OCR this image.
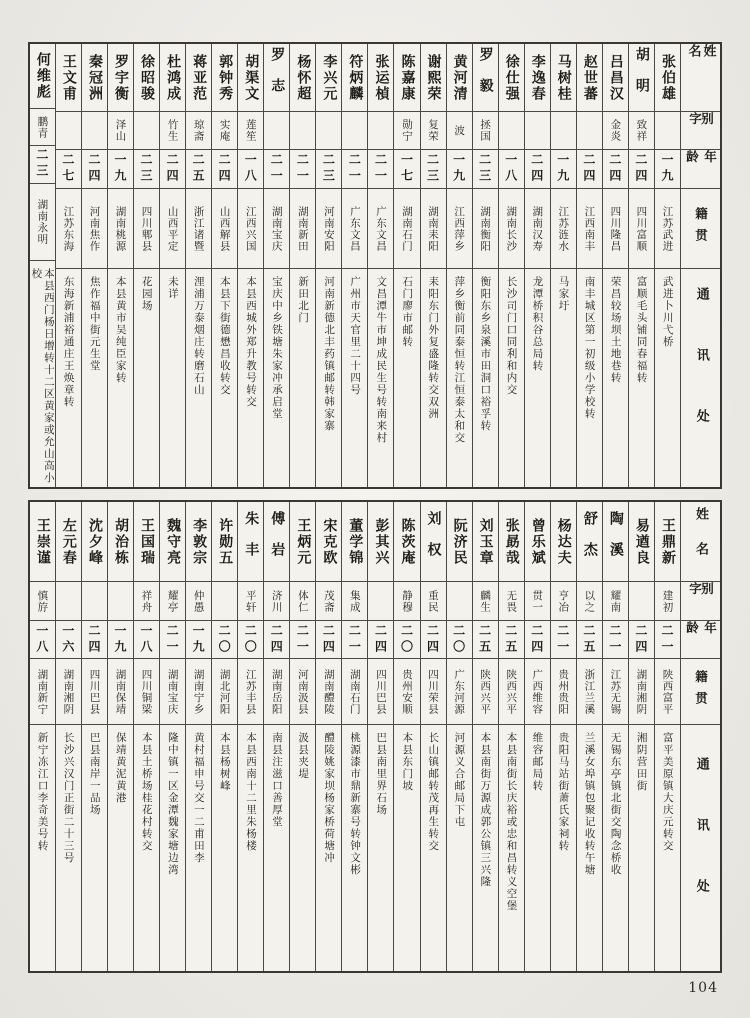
姓名
别字
年龄
籍贯
通讯处
张伯雄
一九
江苏武进
武进卜川弋桥
胡明
致祥
二四
四川富顺
富顺毛头铺同春福转
吕昌汉
金炎
二四
四川隆昌
荣昌较场坝土地巷转
赵世蕃
二四
江西南丰
南丰城区第一初级小学校转
马树桂
一九
江苏涟水
马家圩
李逸春
二四
湖南汉寿
龙潭桥积谷总局转
徐仕强
一八
湖南长沙
长沙司门口同利和内交
罗毅
拯国
二三
湖南衡阳
衡阳东乡泉溪市田洞口裕孚转
黄河清
波
一九
江西萍乡
萍乡衡前同泰恒转江恒泰太和交
谢熙荣
复荣
二三
湖南耒阳
耒阳东门外复盛隆转交双洲
陈嘉康
勋宁
一七
湖南石门
石门廖市邮转
张运楨
二一
广东文昌
文昌潭牛市坤成民生号转南来村
符炳麟
二一
广东文昌
广州市天官里二十四号
李兴元
二三
河南安阳
河南新德北丰药镇邮转韩家寨
杨怀超
二一
湖南新田
新田北门
罗志
二一
湖南宝庆
宝庆中乡铁塘朱家冲承启堂
胡渠文
莲笙
一八
江西兴国
本县西城外郑升教号转交
郭钟秀
实庵
二四
山西解县
本县下街德懋昌收转交
蒋亚范
琼斋
二五
浙江诸暨
浬浦万泰烟庄转磨石山
杜鸿成
竹生
二四
山西平定
未详
徐昭骏
二三
四川郫县
花园场
罗宇衡
泽山
一九
湖南桃源
本县黄市吴纯臣家转
秦冠洲
二四
河南焦作
焦作福中街元生堂
王文甫
二七
江苏东海
东海新浦裕通庄王焕章转
何维彪
鹏青
二三
湖南永明
本县西门杨日增转十二区黄家或允山高小校
姓名
别字
年龄
籍贯
通讯处
王鼎新
建初
二一
陕西富平
富平美原镇大庆元转交
易遒良
二四
湖南湘阴
湘阴营田街
陶溪
耀南
二一
江苏无锡
无锡东亭镇北街交陶念桥收
舒杰
以之
二五
浙江兰溪
兰溪女埠镇包聚记收转午塘
杨达夫
亨冶
二一
贵州贵阳
贵阳马站街萧氏家祠转
曾乐斌
贯一
二四
广西维容
维容邮局转
张勗哉
无畏
二五
陕西兴平
本县南街长庆裕或忠和昌转义空堡
刘玉章
麟生
二五
陕西兴平
本县南街万源成郭公镇三兴隆
阮济民
二〇
广东河源
河源义合邮局下屯
刘权
重民
二四
四川荣县
长山镇邮转茂再生转交
陈茨庵
静穆
二〇
贵州安顺
本县东门坡
彭其兴
二四
四川巴县
巴县南里界石场
董学锦
集成
二一
湖南石门
桃源漆市鼎新寨号转钟文彬
宋克欧
茂斋
二四
湖南醴陵
醴陵姚家坝杨家桥荷塘冲
王炳元
体仁
二一
河南汲县
汲县夹堤
傅岩
济川
二四
湖南岳阳
南县注滋口善厚堂
朱丰
平轩
二〇
江苏丰县
本县西南十二里朱杨楼
许勋五
二〇
湖北河阳
本县杨树峰
李敦宗
仲愚
一九
湖南宁乡
黄村福申号交一二甫田李
魏守亮
耀亭
二一
湖南宝庆
隆中镇一区金潭魏家塘边湾
王国瑞
祥舟
一八
四川铜梁
本县土桥场桂花村转交
胡治栋
一九
湖南保靖
保靖黄泥黄港
沈夕峰
二四
四川巴县
巴县南岸一品场
左元春
一六
湖南湘阴
长沙兴汉门正街二十三号
王崇谨
慎斿
一八
湖南新宁
新宁冻江口李奇美号转
104
